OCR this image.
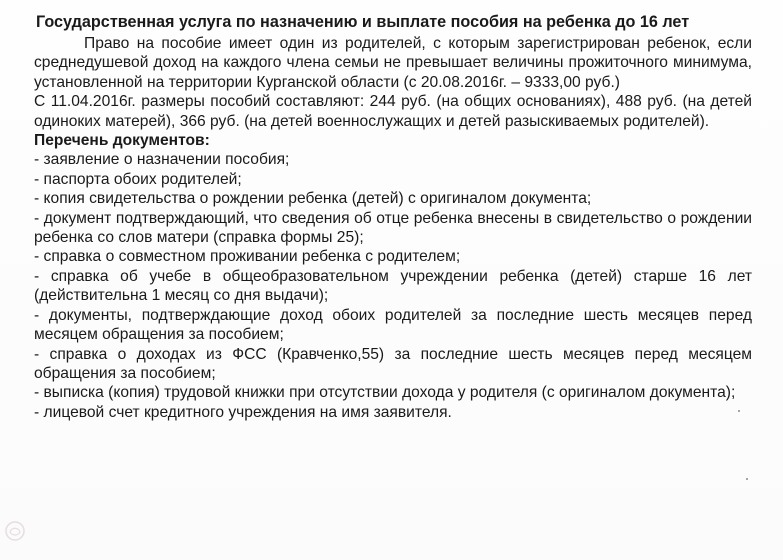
Государственная услуга по назначению и выплате пособия на ребенка до 16 лет

Право на пособие имеет один из родителей, с которым зарегистрирован ребенок, если среднедушевой доход на каждого члена семьи не превышает величины прожиточного минимума, установленной на территории Курганской области (с 20.08.2016г. – 9333,00 руб.)

С 11.04.2016г. размеры пособий составляют: 244 руб. (на общих основаниях), 488 руб. (на детей одиноких матерей), 366 руб. (на детей военнослужащих и детей разыскиваемых родителей).

Перечень документов:
- заявление о назначении пособия;
- паспорта обоих родителей;
- копия свидетельства о рождении ребенка (детей) с оригиналом документа;
- документ подтверждающий, что сведения об отце ребенка внесены в свидетельство о рождении ребенка со слов матери (справка формы 25);
- справка о совместном проживании ребенка с родителем;
- справка об учебе в общеобразовательном учреждении ребенка (детей) старше 16 лет (действительна 1 месяц со дня выдачи);
- документы, подтверждающие доход обоих родителей за последние шесть месяцев перед месяцем обращения за пособием;
- справка о доходах из ФСС (Кравченко,55) за последние шесть месяцев перед месяцем обращения за пособием;
- выписка (копия) трудовой книжки при отсутствии дохода у родителя (с оригиналом документа);
- лицевой счет кредитного учреждения на имя заявителя.
